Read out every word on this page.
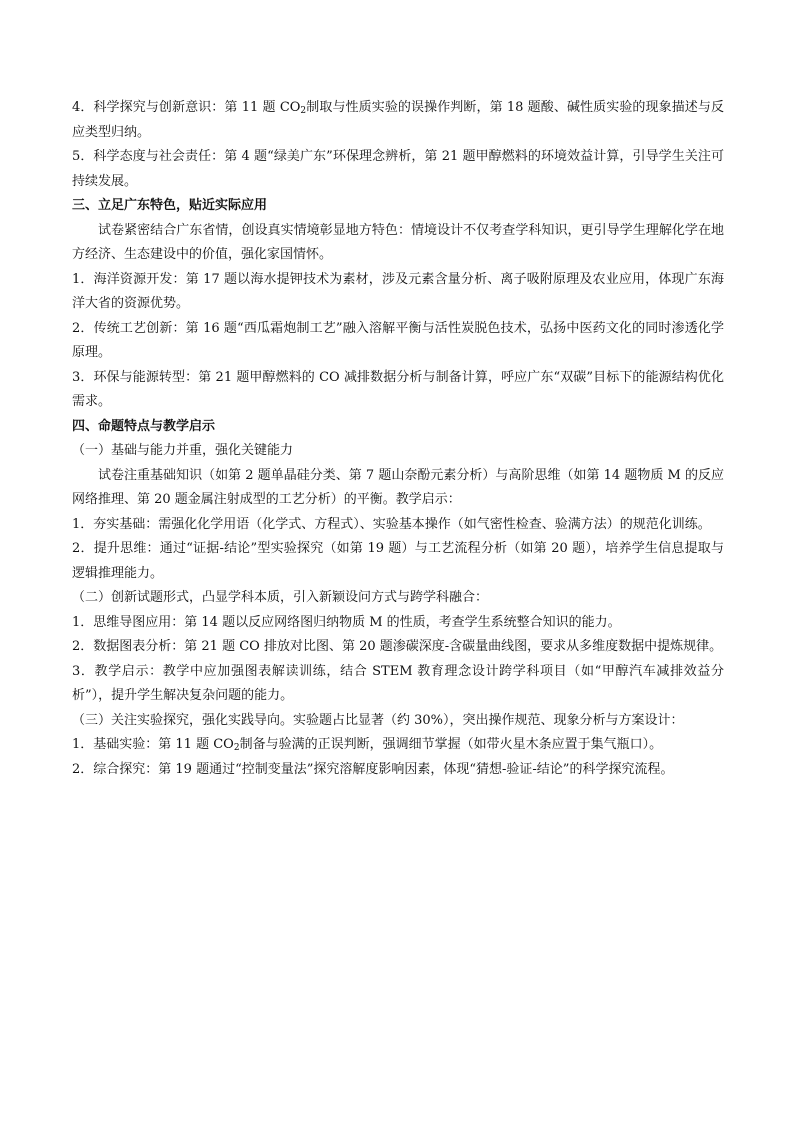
4．科学探究与创新意识：第 11 题 $CO_2$制取与性质实验的误操作判断，第 18 题酸、碱性质实验的现象描述与反应类型归纳。

5．科学态度与社会责任：第 4 题“绿美广东”环保理念辨析，第 21 题甲醇燃料的环境效益计算，引导学生关注可持续发展。

三、立足广东特色，贴近实际应用

试卷紧密结合广东省情，创设真实情境彰显地方特色：情境设计不仅考查学科知识，更引导学生理解化学在地方经济、生态建设中的价值，强化家国情怀。

1．海洋资源开发：第 17 题以海水提钾技术为素材，涉及元素含量分析、离子吸附原理及农业应用，体现广东海洋大省的资源优势。

2．传统工艺创新：第 16 题“西瓜霜炮制工艺”融入溶解平衡与活性炭脱色技术，弘扬中医药文化的同时渗透化学原理。

3．环保与能源转型：第 21 题甲醇燃料的 CO 减排数据分析与制备计算，呼应广东“双碳”目标下的能源结构优化需求。

四、命题特点与教学启示

（一）基础与能力并重，强化关键能力

试卷注重基础知识（如第 2 题单晶硅分类、第 7 题山奈酚元素分析）与高阶思维（如第 14 题物质 M 的反应网络推理、第 20 题金属注射成型的工艺分析）的平衡。教学启示：

1．夯实基础：需强化化学用语（化学式、方程式）、实验基本操作（如气密性检查、验满方法）的规范化训练。

2．提升思维：通过“证据-结论”型实验探究（如第 19 题）与工艺流程分析（如第 20 题），培养学生信息提取与逻辑推理能力。

（二）创新试题形式，凸显学科本质，引入新颖设问方式与跨学科融合：

1．思维导图应用：第 14 题以反应网络图归纳物质 M 的性质，考查学生系统整合知识的能力。

2．数据图表分析：第 21 题 CO 排放对比图、第 20 题渗碳深度-含碳量曲线图，要求从多维度数据中提炼规律。

3．教学启示：教学中应加强图表解读训练，结合 STEM 教育理念设计跨学科项目（如“甲醇汽车减排效益分析”），提升学生解决复杂问题的能力。

（三）关注实验探究，强化实践导向。实验题占比显著（约 30%），突出操作规范、现象分析与方案设计：

1．基础实验：第 11 题 $CO_2$制备与验满的正误判断，强调细节掌握（如带火星木条应置于集气瓶口）。

2．综合探究：第 19 题通过“控制变量法”探究溶解度影响因素，体现“猜想-验证-结论”的科学探究流程。
